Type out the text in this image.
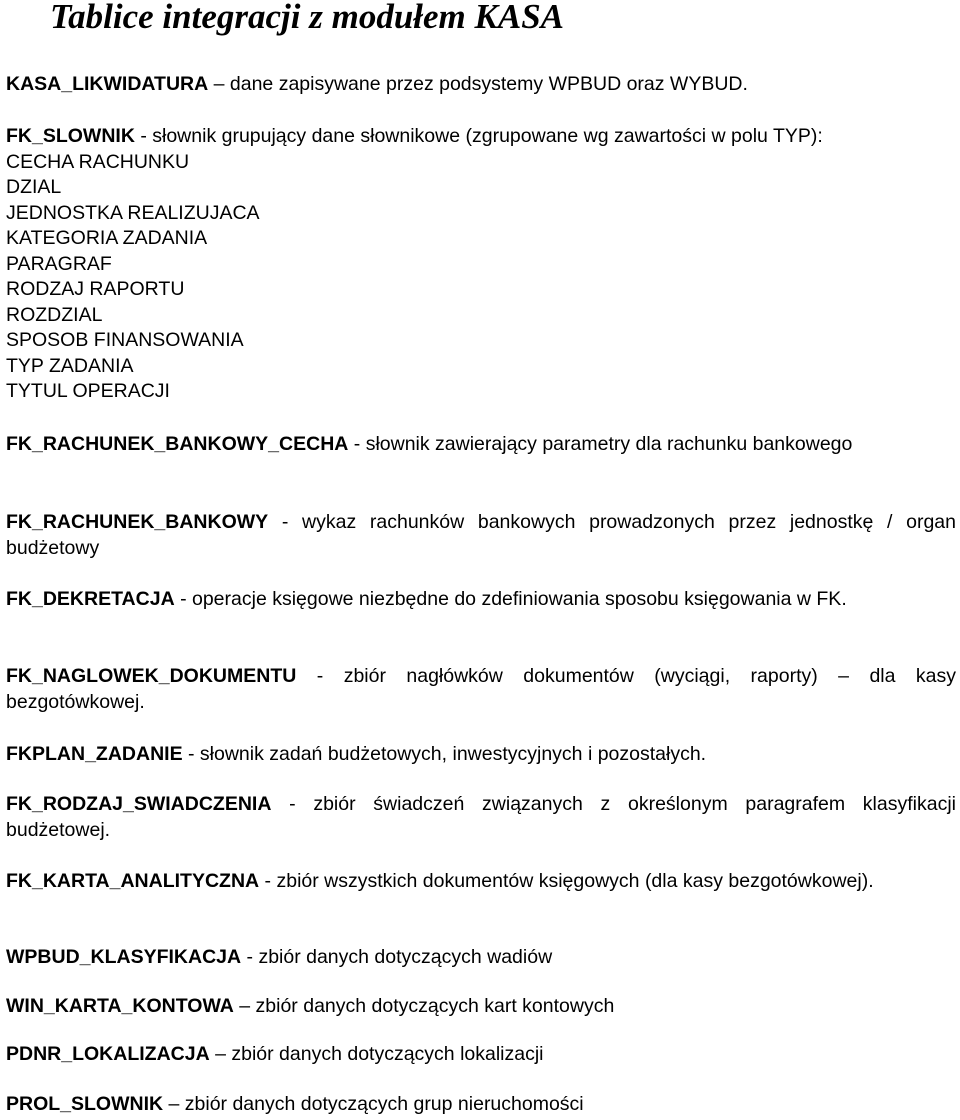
Tablice integracji z modułem KASA

KASA_LIKWIDATURA – dane zapisywane przez podsystemy WPBUD oraz WYBUD.

FK_SLOWNIK - słownik grupujący dane słownikowe (zgrupowane wg zawartości w polu TYP):
CECHA RACHUNKU
DZIAL
JEDNOSTKA REALIZUJACA
KATEGORIA ZADANIA
PARAGRAF
RODZAJ RAPORTU
ROZDZIAL
SPOSOB FINANSOWANIA
TYP ZADANIA
TYTUL OPERACJI

FK_RACHUNEK_BANKOWY_CECHA - słownik zawierający parametry dla rachunku bankowego

FK_RACHUNEK_BANKOWY - wykaz rachunków bankowych prowadzonych przez jednostkę / organ budżetowy

FK_DEKRETACJA - operacje księgowe niezbędne do zdefiniowania sposobu księgowania w FK.

FK_NAGLOWEK_DOKUMENTU - zbiór nagłówków dokumentów (wyciągi, raporty) – dla kasy bezgotówkowej.

FKPLAN_ZADANIE - słownik zadań budżetowych, inwestycyjnych i pozostałych.

FK_RODZAJ_SWIADCZENIA - zbiór świadczeń związanych z określonym paragrafem klasyfikacji budżetowej.

FK_KARTA_ANALITYCZNA - zbiór wszystkich dokumentów księgowych (dla kasy bezgotówkowej).

WPBUD_KLASYFIKACJA - zbiór danych dotyczących wadiów

WIN_KARTA_KONTOWA – zbiór danych dotyczących kart kontowych

PDNR_LOKALIZACJA – zbiór danych dotyczących lokalizacji

PROL_SLOWNIK – zbiór danych dotyczących grup nieruchomości
